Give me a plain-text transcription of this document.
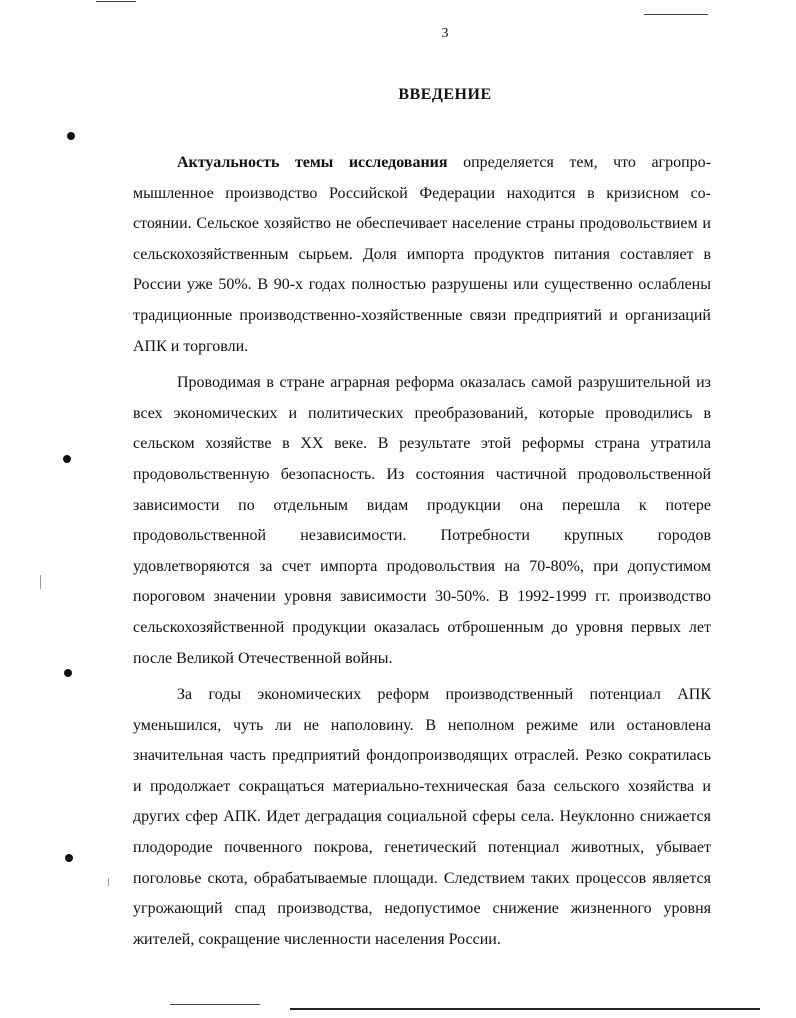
3
ВВЕДЕНИЕ

Актуальность темы исследования определяется тем, что агропромышленное производство Российской Федерации находится в кризисном состоянии. Сельское хозяйство не обеспечивает население страны продовольствием и сельскохозяйственным сырьем. Доля импорта продуктов питания составляет в России уже 50%. В 90-х годах полностью разрушены или существенно ослаблены традиционные производственно-хозяйственные связи предприятий и организаций АПК и торговли.

Проводимая в стране аграрная реформа оказалась самой разрушительной из всех экономических и политических преобразований, которые проводились в сельском хозяйстве в XX веке. В результате этой реформы страна утратила продовольственную безопасность. Из состояния частичной продовольственной зависимости по отдельным видам продукции она перешла к потере продовольственной независимости. Потребности крупных городов удовлетворяются за счет импорта продовольствия на 70-80%, при допустимом пороговом значении уровня зависимости 30-50%. В 1992-1999 гг. производство сельскохозяйственной продукции оказалась отброшенным до уровня первых лет после Великой Отечественной войны.

За годы экономических реформ производственный потенциал АПК уменьшился, чуть ли не наполовину. В неполном режиме или остановлена значительная часть предприятий фондопроизводящих отраслей. Резко сократилась и продолжает сокращаться материально-техническая база сельского хозяйства и других сфер АПК. Идет деградация социальной сферы села. Неуклонно снижается плодородие почвенного покрова, генетический потенциал животных, убывает поголовье скота, обрабатываемые площади. Следствием таких процессов является угрожающий спад производства, недопустимое снижение жизненного уровня жителей, сокращение численности населения России.
